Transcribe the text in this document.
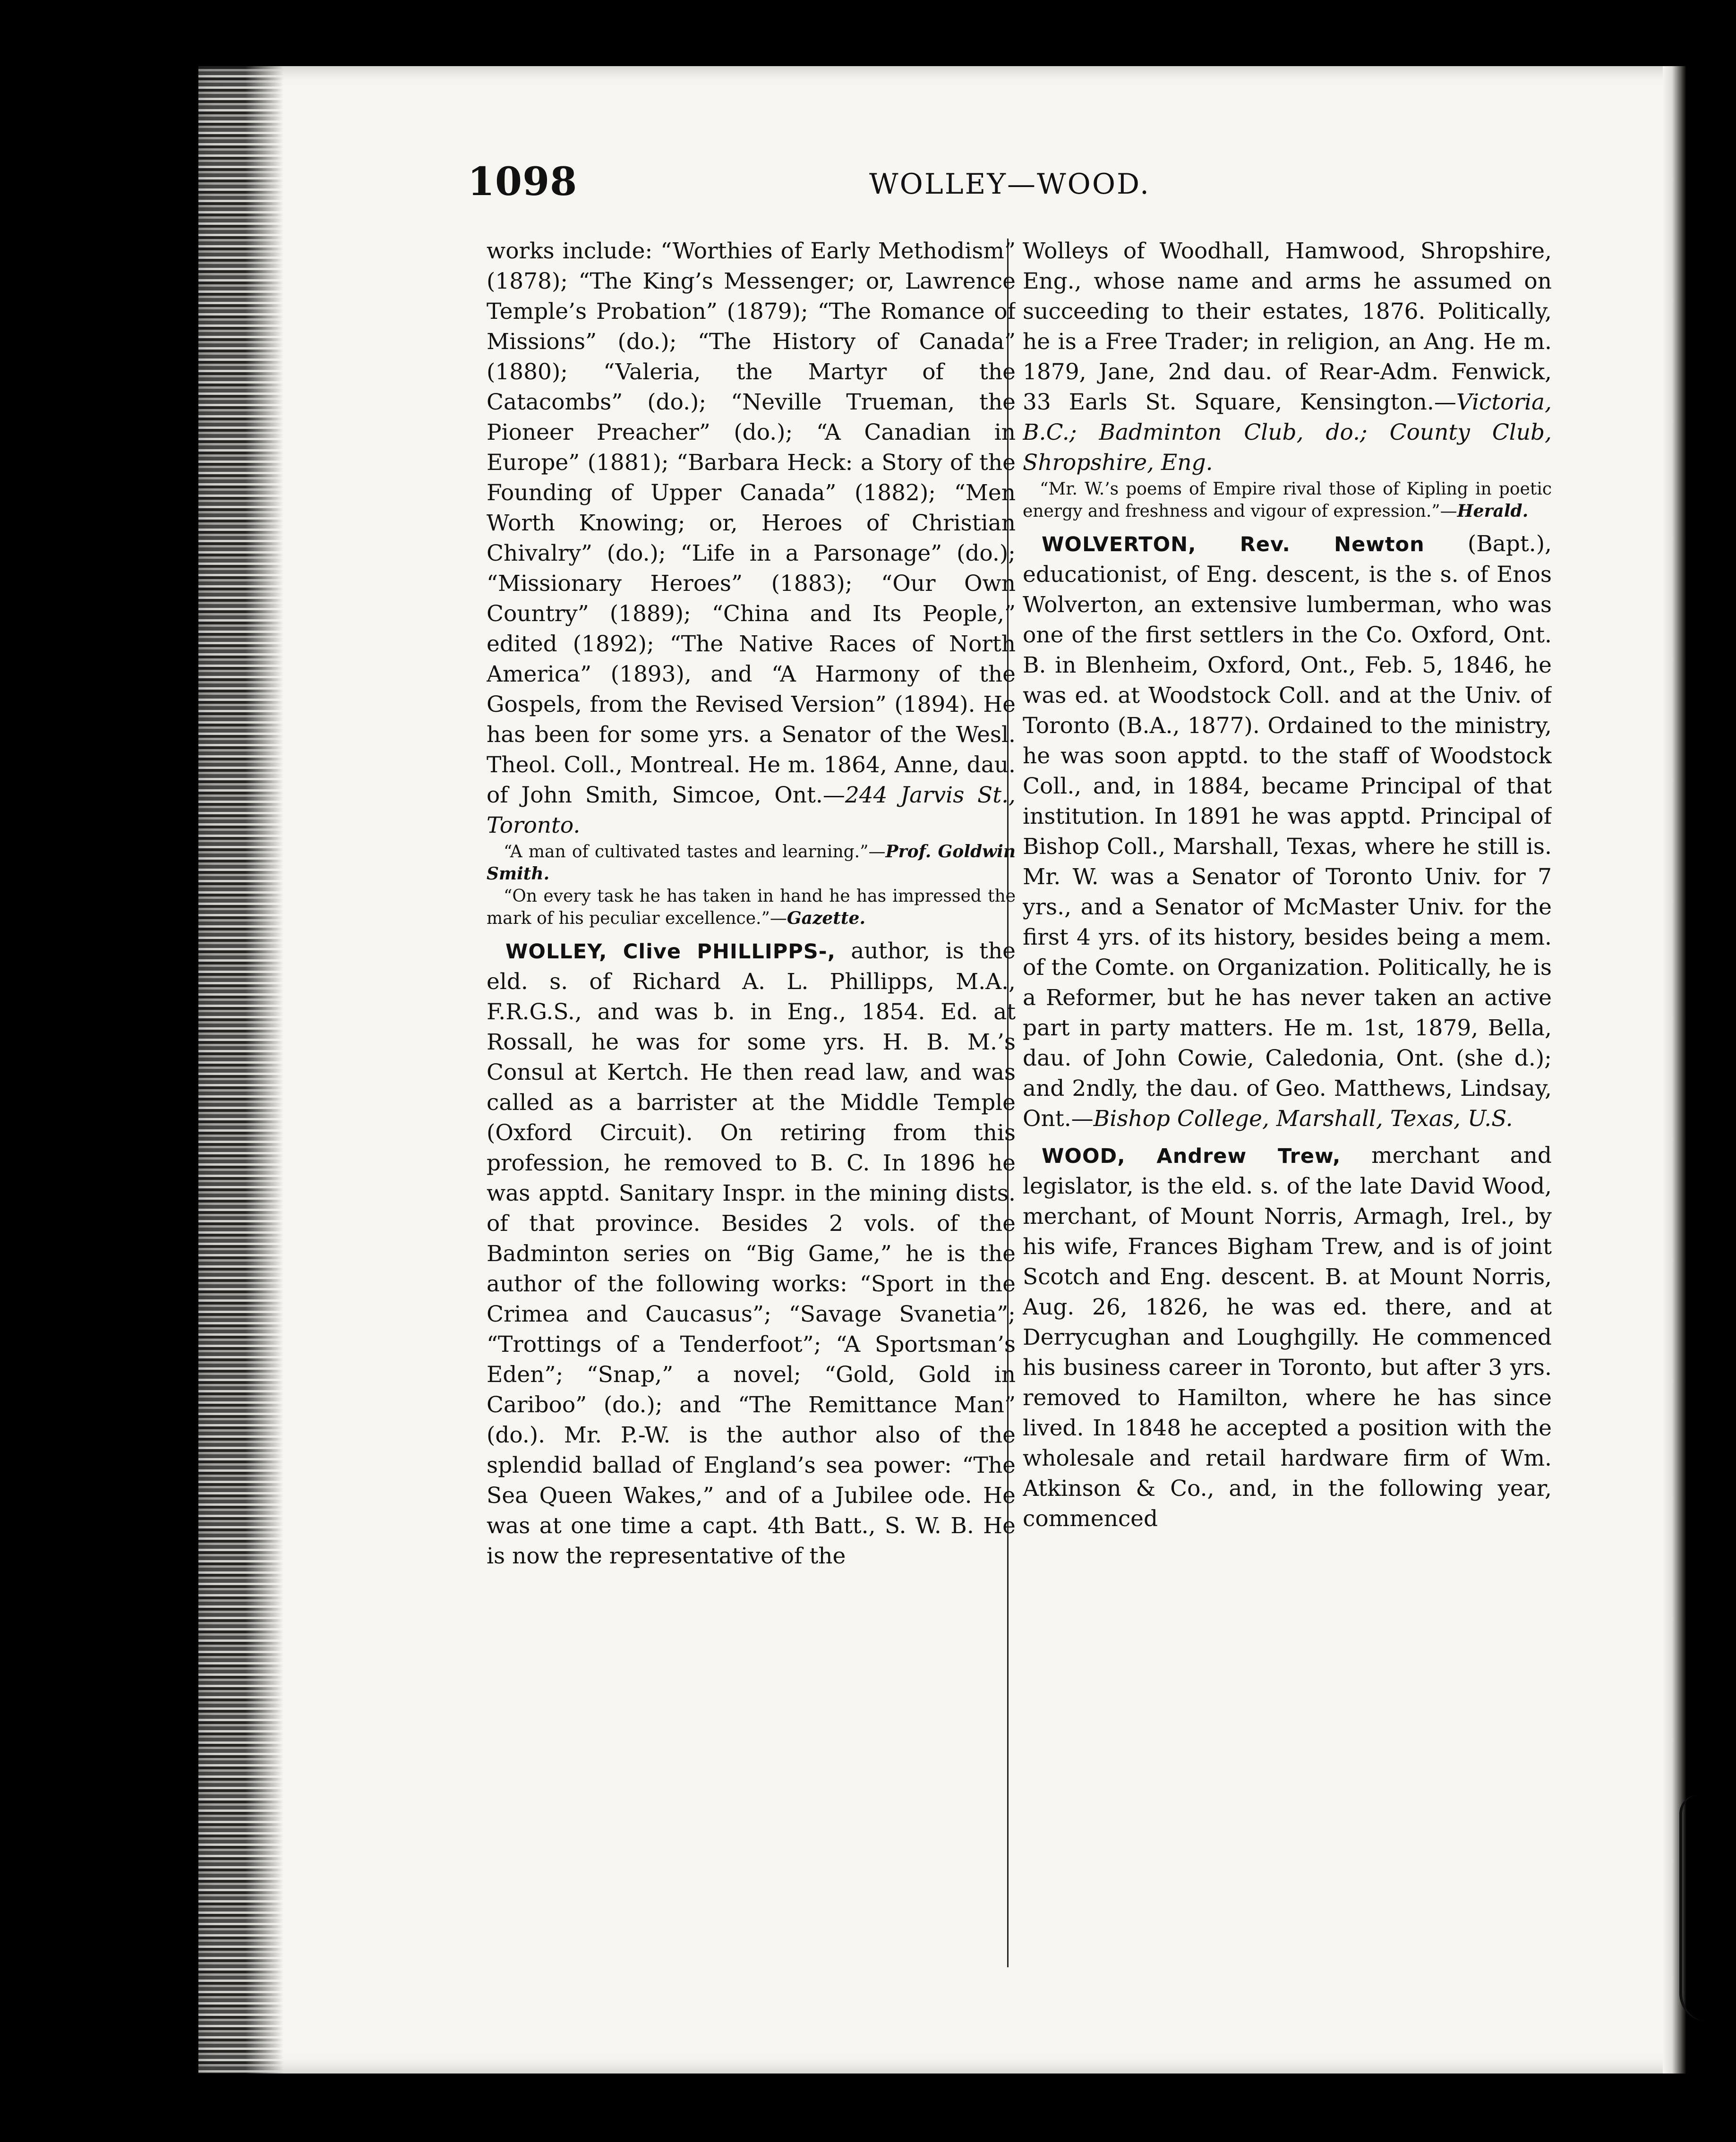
1098	WOLLEY—WOOD.

works include: “Worthies of Early Methodism” (1878); “The King’s Messenger; or, Lawrence Temple’s Probation” (1879); “The Romance of Missions” (do.); “The History of Canada” (1880); “Valeria, the Martyr of the Catacombs” (do.); “Neville Trueman, the Pioneer Preacher” (do.); “A Canadian in Europe” (1881); “Barbara Heck: a Story of the Founding of Upper Canada” (1882); “Men Worth Knowing; or, Heroes of Christian Chivalry” (do.); “Life in a Parsonage” (do.); “Missionary Heroes” (1883); “Our Own Country” (1889); “China and Its People,” edited (1892); “The Native Races of North America” (1893), and “A Harmony of the Gospels, from the Revised Version” (1894). He has been for some yrs. a Senator of the Wesl. Theol. Coll., Montreal. He m. 1864, Anne, dau. of John Smith, Simcoe, Ont.—244 Jarvis St., Toronto.

“A man of cultivated tastes and learning.”—Prof. Goldwin Smith.

“On every task he has taken in hand he has impressed the mark of his peculiar excellence.”—Gazette.

WOLLEY, Clive PHILLIPPS-, author, is the eld. s. of Richard A. L. Phillipps, M.A., F.R.G.S., and was b. in Eng., 1854. Ed. at Rossall, he was for some yrs. H. B. M.’s Consul at Kertch. He then read law, and was called as a barrister at the Middle Temple (Oxford Circuit). On retiring from this profession, he removed to B. C. In 1896 he was apptd. Sanitary Inspr. in the mining dists. of that province. Besides 2 vols. of the Badminton series on “Big Game,” he is the author of the following works: “Sport in the Crimea and Caucasus”; “Savage Svanetia”; “Trottings of a Tenderfoot”; “A Sportsman’s Eden”; “Snap,” a novel; “Gold, Gold in Cariboo” (do.); and “The Remittance Man” (do.). Mr. P.-W. is the author also of the splendid ballad of England’s sea power: “The Sea Queen Wakes,” and of a Jubilee ode. He was at one time a capt. 4th Batt., S. W. B. He is now the representative of the

Wolleys of Woodhall, Hamwood, Shropshire, Eng., whose name and arms he assumed on succeeding to their estates, 1876. Politically, he is a Free Trader; in religion, an Ang. He m. 1879, Jane, 2nd dau. of Rear-Adm. Fenwick, 33 Earls St. Square, Kensington.—Victoria, B.C.; Badminton Club, do.; County Club, Shropshire, Eng.

“Mr. W.’s poems of Empire rival those of Kipling in poetic energy and freshness and vigour of expression.”—Herald.

WOLVERTON, Rev. Newton (Bapt.), educationist, of Eng. descent, is the s. of Enos Wolverton, an extensive lumberman, who was one of the first settlers in the Co. Oxford, Ont. B. in Blenheim, Oxford, Ont., Feb. 5, 1846, he was ed. at Woodstock Coll. and at the Univ. of Toronto (B.A., 1877). Ordained to the ministry, he was soon apptd. to the staff of Woodstock Coll., and, in 1884, became Principal of that institution. In 1891 he was apptd. Principal of Bishop Coll., Marshall, Texas, where he still is. Mr. W. was a Senator of Toronto Univ. for 7 yrs., and a Senator of McMaster Univ. for the first 4 yrs. of its history, besides being a mem. of the Comte. on Organization. Politically, he is a Reformer, but he has never taken an active part in party matters. He m. 1st, 1879, Bella, dau. of John Cowie, Caledonia, Ont. (she d.); and 2ndly, the dau. of Geo. Matthews, Lindsay, Ont.—Bishop College, Marshall, Texas, U.S.

WOOD, Andrew Trew, merchant and legislator, is the eld. s. of the late David Wood, merchant, of Mount Norris, Armagh, Irel., by his wife, Frances Bigham Trew, and is of joint Scotch and Eng. descent. B. at Mount Norris, Aug. 26, 1826, he was ed. there, and at Derrycughan and Loughgilly. He commenced his business career in Toronto, but after 3 yrs. removed to Hamilton, where he has since lived. In 1848 he accepted a position with the wholesale and retail hardware firm of Wm. Atkinson & Co., and, in the following year, commenced
